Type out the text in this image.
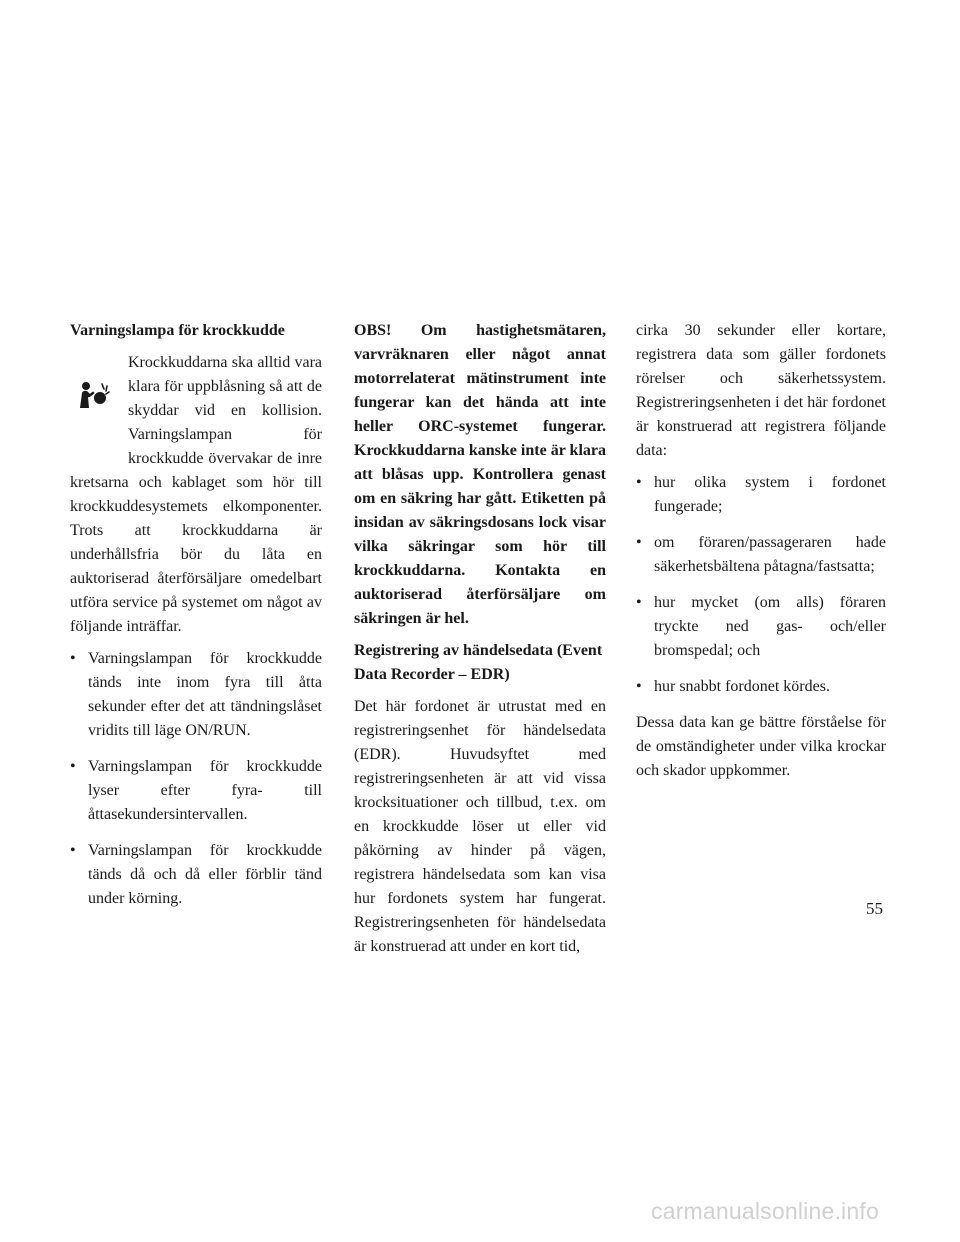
Varningslampa för krockkudde

Krockkuddarna ska alltid vara klara för uppblåsning så att de skyddar vid en kollision. Varningslampan för krockkudde övervakar de inre kretsarna och kablaget som hör till krockkuddesystemets elkomponenter. Trots att krockkuddarna är underhållsfria bör du låta en auktoriserad återförsäljare omedelbart utföra service på systemet om något av följande inträffar.

• Varningslampan för krockkudde tänds inte inom fyra till åtta sekunder efter det att tändningslåset vridits till läge ON/RUN.
• Varningslampan för krockkudde lyser efter fyra- till åttasekundersintervallen.
• Varningslampan för krockkudde tänds då och då eller förblir tänd under körning.

OBS! Om hastighetsmätaren, varvräknaren eller något annat motorrelaterat mätinstrument inte fungerar kan det hända att inte heller ORC-systemet fungerar. Krockkuddarna kanske inte är klara att blåsas upp. Kontrollera genast om en säkring har gått. Etiketten på insidan av säkringsdosans lock visar vilka säkringar som hör till krockkuddarna. Kontakta en auktoriserad återförsäljare om säkringen är hel.

Registrering av händelsedata (Event Data Recorder – EDR)

Det här fordonet är utrustat med en registreringsenhet för händelsedata (EDR). Huvudsyftet med registreringsenheten är att vid vissa krocksituationer och tillbud, t.ex. om en krockkudde löser ut eller vid påkörning av hinder på vägen, registrera händelsedata som kan visa hur fordonets system har fungerat. Registreringsenheten för händelsedata är konstruerad att under en kort tid,

cirka 30 sekunder eller kortare, registrera data som gäller fordonets rörelser och säkerhetssystem. Registreringsenheten i det här fordonet är konstruerad att registrera följande data:

• hur olika system i fordonet fungerade;
• om föraren/passageraren hade säkerhetsbältena påtagna/fastsatta;
• hur mycket (om alls) föraren tryckte ned gas- och/eller bromspedal; och
• hur snabbt fordonet kördes.

Dessa data kan ge bättre förståelse för de omständigheter under vilka krockar och skador uppkommer.

55
carmanualsonline.info
